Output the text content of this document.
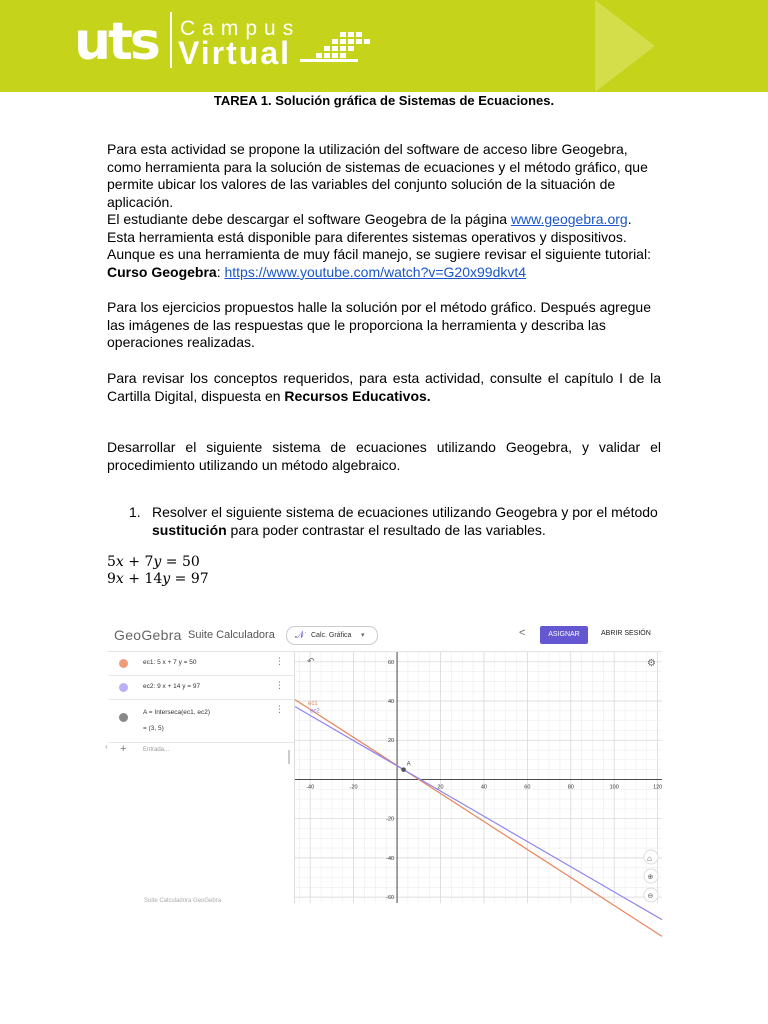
uts Campus
Virtual
TAREA 1. Solución gráfica de Sistemas de Ecuaciones.

Para esta actividad se propone la utilización del software de acceso libre Geogebra, como herramienta para la solución de sistemas de ecuaciones y el método gráfico, que permite ubicar los valores de las variables del conjunto solución de la situación de aplicación.

El estudiante debe descargar el software Geogebra de la página www.geogebra.org. Esta herramienta está disponible para diferentes sistemas operativos y dispositivos.
Aunque es una herramienta de muy fácil manejo, se sugiere revisar el siguiente tutorial:
Curso Geogebra: https://www.youtube.com/watch?v=G20x99dkvt4

Para los ejercicios propuestos halle la solución por el método gráfico. Después agregue las imágenes de las respuestas que le proporciona la herramienta y describa las operaciones realizadas.

Para revisar los conceptos requeridos, para esta actividad, consulte el capítulo I de la Cartilla Digital, dispuesta en Recursos Educativos.

Desarrollar el siguiente sistema de ecuaciones utilizando Geogebra, y validar el procedimiento utilizando un método algebraico.

1. Resolver el siguiente sistema de ecuaciones utilizando Geogebra y por el método sustitución para poder contrastar el resultado de las variables.

5x + 7y = 50
9x + 14y = 97
GeoGebra Suite Calculadora 𝒩 Calc. Gráfica ▾	<	ASIGNAR	ABRIR SESIÓN
ec1: 5 x + 7 y = 50	⋮
ec2: 9 x + 14 y = 97	⋮
A = Interseca(ec1, ec2)
= (3, 5)
⋮
+	Entrada...
Suite Calculadora GeoGebra
‹
-40	-20	20	40	60	80	100	120
60
40
20
-20
-40
-60
ec1
ec2
A
↶	⚙
⌂
⊕
⊖
